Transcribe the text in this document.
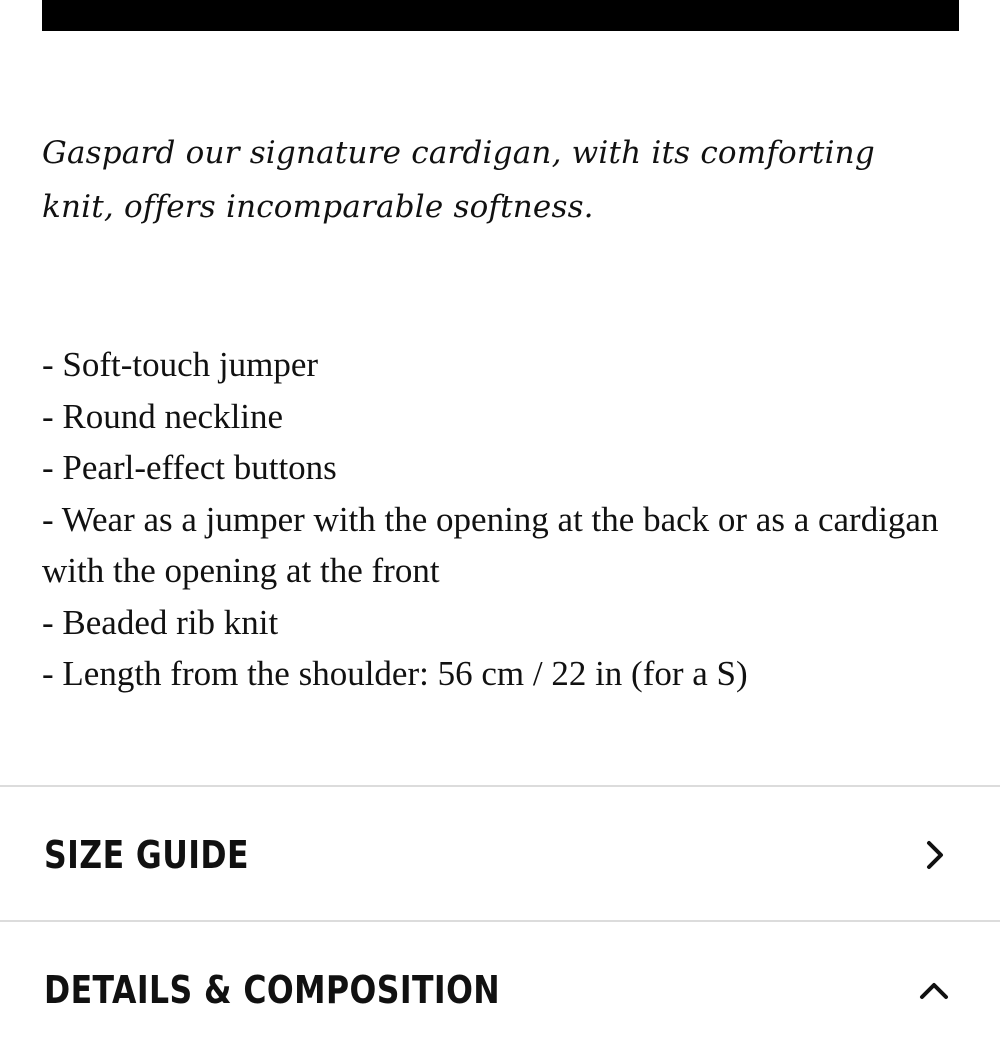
Gaspard our signature cardigan, with its comforting knit, offers incomparable softness.

- Soft-touch jumper
- Round neckline
- Pearl-effect buttons
- Wear as a jumper with the opening at the back or as a cardigan with the opening at the front
- Beaded rib knit
- Length from the shoulder: 56 cm / 22 in (for a S)
SIZE GUIDE
DETAILS & COMPOSITION
